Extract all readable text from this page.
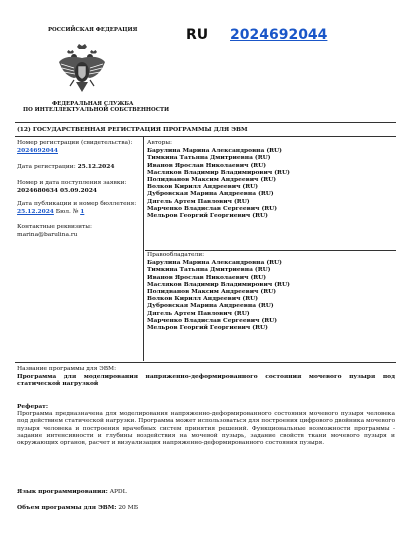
РОССИЙСКАЯ ФЕДЕРАЦИЯ	RU 2024692044
ФЕДЕРАЛЬНАЯ СЛУЖБА
ПО ИНТЕЛЛЕКТУАЛЬНОЙ СОБСТВЕННОСТИ
(12) ГОСУДАРСТВЕННАЯ РЕГИСТРАЦИЯ ПРОГРАММЫ ДЛЯ ЭВМ
Номер регистрации (свидетельства):
2024692044
Дата регистрации: 25.12.2024
Номер и дата поступления заявки:
2024680634 05.09.2024
Дата публикации и номер бюллетеня:
25.12.2024 Бюл. № 1
Контактные реквизиты:
marina@barulina.ru
Авторы:
Барулина Марина Александровна (RU)
Тимкина Татьяна Дмитриевна (RU)
Иванов Ярослав Николаевич (RU)
Масляков Владимир Владимирович (RU)
Полидванов Максим Андреевич (RU)
Волков Кирилл Андреевич (RU)
Дубровская Марина Андреевна (RU)
Дягель Артем Павлович (RU)
Марченко Владислав Сергеевич (RU)
Мельров Георгий Георгиевич (RU)
Правообладатели:
Барулина Марина Александровна (RU)
Тимкина Татьяна Дмитриевна (RU)
Иванов Ярослав Николаевич (RU)
Масляков Владимир Владимирович (RU)
Полидванов Максим Андреевич (RU)
Волков Кирилл Андреевич (RU)
Дубровская Марина Андреевна (RU)
Дягель Артем Павлович (RU)
Марченко Владислав Сергеевич (RU)
Мельров Георгий Георгиевич (RU)
Название программы для ЭВМ:
Программа для моделирования напряженно-деформированного состояния мочевого пузыря под статической нагрузкой
Реферат:
Программа предназначена для моделирования напряженно-деформированного состояния мочевого пузыря человека под действием статической нагрузки. Программа может использоваться для построения цифрового двойника мочевого пузыря человека и построения врачебных систем принятия решений. Функциональные возможности программы - задание интенсивности и глубины воздействия на мочевой пузырь, задание свойств ткани мочевого пузыря и окружающих органов, расчет и визуализация напряженно-деформированного состояния пузыря.
Язык программирования: APDL
Объем программы для ЭВМ: 20 МБ
